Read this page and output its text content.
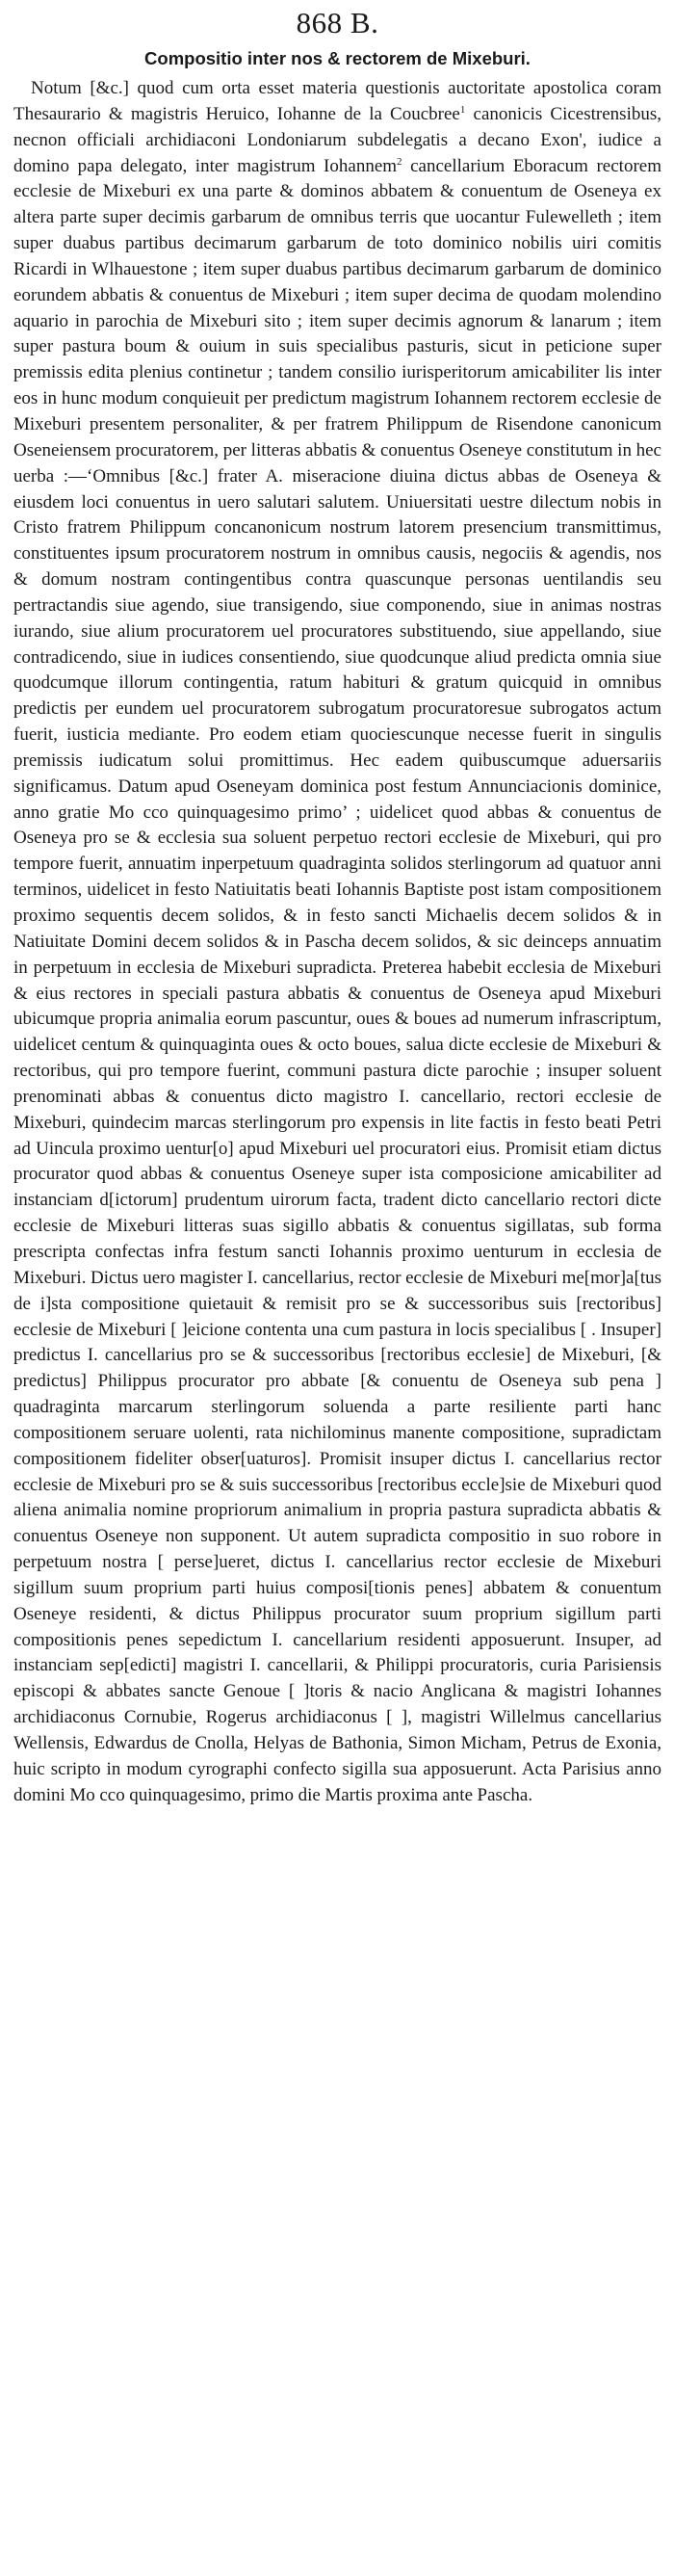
868 B.
Compositio inter nos & rectorem de Mixeburi.

Notum [&c.] quod cum orta esset materia questionis auctoritate apostolica coram Thesaurario & magistris Heruico, Iohanne de la Coucbree$^1$ canonicis Cicestrensibus, necnon officiali archidiaconi Londoniarum subdelegatis a decano Exon', iudice a domino papa delegato, inter magistrum Iohannem$^2$ cancellarium Eboracum rectorem ecclesie de Mixeburi ex una parte & dominos abbatem & conuentum de Oseneya ex altera parte super decimis garbarum de omnibus terris que uocantur Fulewelleth ; item super duabus partibus decimarum garbarum de toto dominico nobilis uiri comitis Ricardi in Wlhauestone ; item super duabus partibus decimarum garbarum de dominico eorundem abbatis & conuentus de Mixeburi ; item super decima de quodam molendino aquario in parochia de Mixeburi sito ; item super decimis agnorum & lanarum ; item super pastura boum & ouium in suis specialibus pasturis, sicut in peticione super premissis edita plenius continetur ; tandem consilio iurisperitorum amicabiliter lis inter eos in hunc modum conquieuit per predictum magistrum Iohannem rectorem ecclesie de Mixeburi presentem personaliter, & per fratrem Philippum de Risendone canonicum Oseneiensem procuratorem, per litteras abbatis & conuentus Oseneye constitutum in hec uerba :—‘Omnibus [&c.] frater A. miseracione diuina dictus abbas de Oseneya & eiusdem loci conuentus in uero salutari salutem. Uniuersitati uestre dilectum nobis in Cristo fratrem Philippum concanonicum nostrum latorem presencium transmittimus, constituentes ipsum procuratorem nostrum in omnibus causis, negociis & agendis, nos & domum nostram contingentibus contra quascunque personas uentilandis seu pertractandis siue agendo, siue transigendo, siue componendo, siue in animas nostras iurando, siue alium procuratorem uel procuratores substituendo, siue appellando, siue contradicendo, siue in iudices consentiendo, siue quodcunque aliud predicta omnia siue quodcumque illorum contingentia, ratum habituri & gratum quicquid in omnibus predictis per eundem uel procuratorem subrogatum procuratoresue subrogatos actum fuerit, iusticia mediante. Pro eodem etiam quociescunque necesse fuerit in singulis premissis iudicatum solui promittimus. Hec eadem quibuscumque aduersariis significamus. Datum apud Oseneyam dominica post festum Annunciacionis dominice, anno gratie Mo cco quinquagesimo primo’ ; uidelicet quod abbas & conuentus de Oseneya pro se & ecclesia sua soluent perpetuo rectori ecclesie de Mixeburi, qui pro tempore fuerit, annuatim inperpetuum quadraginta solidos sterlingorum ad quatuor anni terminos, uidelicet in festo Natiuitatis beati Iohannis Baptiste post istam compositionem proximo sequentis decem solidos, & in festo sancti Michaelis decem solidos & in Natiuitate Domini decem solidos & in Pascha decem solidos, & sic deinceps annuatim in perpetuum in ecclesia de Mixeburi supradicta. Preterea habebit ecclesia de Mixeburi & eius rectores in speciali pastura abbatis & conuentus de Oseneya apud Mixeburi ubicumque propria animalia eorum pascuntur, oues & boues ad numerum infrascriptum, uidelicet centum & quinquaginta oues & octo boues, salua dicte ecclesie de Mixeburi & rectoribus, qui pro tempore fuerint, communi pastura dicte parochie ; insuper soluent prenominati abbas & conuentus dicto magistro I. cancellario, rectori ecclesie de Mixeburi, quindecim marcas sterlingorum pro expensis in lite factis in festo beati Petri ad Uincula proximo uentur[o] apud Mixeburi uel procuratori eius. Promisit etiam dictus procurator quod abbas & conuentus Oseneye super ista composicione amicabiliter ad instanciam d[ictorum] prudentum uirorum facta, tradent dicto cancellario rectori dicte ecclesie de Mixeburi litteras suas sigillo abbatis & conuentus sigillatas, sub forma prescripta confectas infra festum sancti Iohannis proximo uenturum in ecclesia de Mixeburi. Dictus uero magister I. cancellarius, rector ecclesie de Mixeburi me[mor]a[tus de i]sta compositione quietauit & remisit pro se & successoribus suis [rectoribus] ecclesie de Mixeburi [ ]eicione contenta una cum pastura in locis specialibus [ . Insuper] predictus I. cancellarius pro se & successoribus [rectoribus ecclesie] de Mixeburi, [& predictus] Philippus procurator pro abbate [& conuentu de Oseneya sub pena ] quadraginta marcarum sterlingorum soluenda a parte resiliente parti hanc compositionem seruare uolenti, rata nichilominus manente compositione, supradictam compositionem fideliter obser[uaturos]. Promisit insuper dictus I. cancellarius rector ecclesie de Mixeburi pro se & suis successoribus [rectoribus eccle]sie de Mixeburi quod aliena animalia nomine propriorum animalium in propria pastura supradicta abbatis & conuentus Oseneye non supponent. Ut autem supradicta compositio in suo robore in perpetuum nostra [ perse]ueret, dictus I. cancellarius rector ecclesie de Mixeburi sigillum suum proprium parti huius composi[tionis penes] abbatem & conuentum Oseneye residenti, & dictus Philippus procurator suum proprium sigillum parti compositionis penes sepedictum I. cancellarium residenti apposuerunt. Insuper, ad instanciam sep[edicti] magistri I. cancellarii, & Philippi procuratoris, curia Parisiensis episcopi & abbates sancte Genoue [ ]toris & nacio Anglicana & magistri Iohannes archidiaconus Cornubie, Rogerus archidiaconus [ ], magistri Willelmus cancellarius Wellensis, Edwardus de Cnolla, Helyas de Bathonia, Simon Micham, Petrus de Exonia, huic scripto in modum cyrographi confecto sigilla sua apposuerunt. Acta Parisius anno domini Mo cco quinquagesimo, primo die Martis proxima ante Pascha.
